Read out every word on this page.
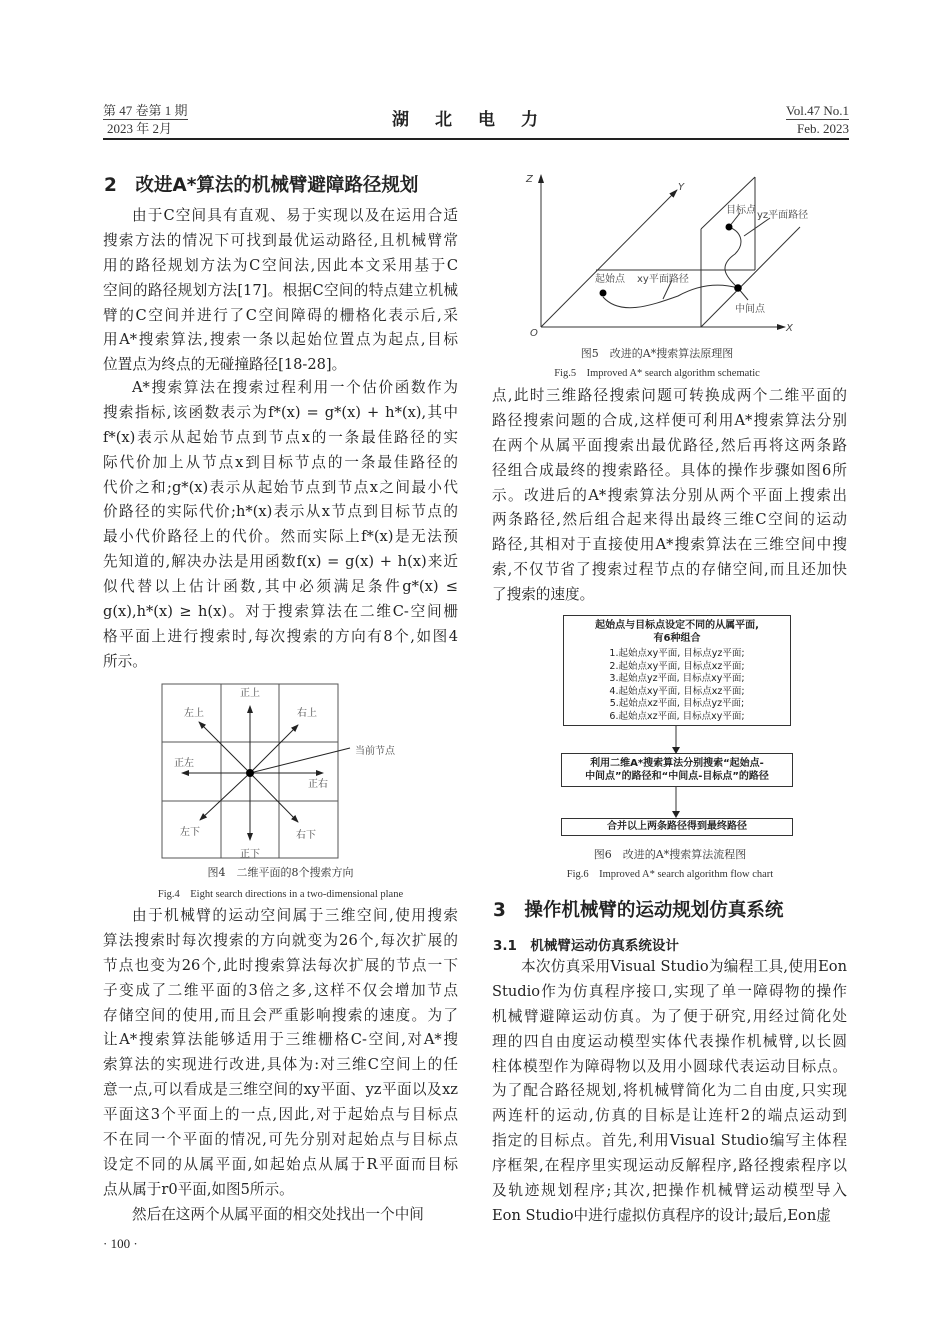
第 47 卷第 1 期
2023 年 2月	湖北电力	Vol.47 No.1
Feb. 2023
2　改进A*算法的机械臂避障路径规划
由于C空间具有直观、易于实现以及在运用合适
搜索方法的情况下可找到最优运动路径,且机械臂常
用的路径规划方法为C空间法,因此本文采用基于C
空间的路径规划方法[17]。根据C空间的特点建立机械
臂的C空间并进行了C空间障碍的栅格化表示后,采
用A*搜索算法,搜索一条以起始位置点为起点,目标
位置点为终点的无碰撞路径[18-28]。
A*搜索算法在搜索过程利用一个估价函数作为
搜索指标,该函数表示为f*(x) = g*(x) + h*(x),其中
f*(x)表示从起始节点到节点x的一条最佳路径的实
际代价加上从节点x到目标节点的一条最佳路径的
代价之和;g*(x)表示从起始节点到节点x之间最小代
价路径的实际代价;h*(x)表示从x节点到目标节点的
最小代价路径上的代价。然而实际上f*(x)是无法预
先知道的,解决办法是用函数f(x) = g(x) + h(x)来近
似代替以上估计函数,其中必须满足条件g*(x) ≤
g(x),h*(x) ≥ h(x)。对于搜索算法在二维C-空间栅
格平面上进行搜索时,每次搜索的方向有8个,如图4
所示。
正上
左上	右上
正左
正右
左下	右下
正下
当前节点
图4　二维平面的8个搜索方向
Fig.4　Eight search directions in a two-dimensional plane
由于机械臂的运动空间属于三维空间,使用搜索
算法搜索时每次搜索的方向就变为26个,每次扩展的
节点也变为26个,此时搜索算法每次扩展的节点一下
子变成了二维平面的3倍之多,这样不仅会增加节点
存储空间的使用,而且会严重影响搜索的速度。为了
让A*搜索算法能够适用于三维栅格C-空间,对A*搜
索算法的实现进行改进,具体为:对三维C空间上的任
意一点,可以看成是三维空间的xy平面、yz平面以及xz
平面这3个平面上的一点,因此,对于起始点与目标点
不在同一个平面的情况,可先分别对起始点与目标点
设定不同的从属平面,如起始点从属于R平面而目标
点从属于r0平面,如图5所示。
然后在这两个从属平面的相交处找出一个中间
· 100 ·
Z
Y
X
O
起始点 xy平面路径
中间点
目标点 yz平面路径
图5　改进的A*搜索算法原理图
Fig.5　Improved A* search algorithm schematic
点,此时三维路径搜索问题可转换成两个二维平面的
路径搜索问题的合成,这样便可利用A*搜索算法分别
在两个从属平面搜索出最优路径,然后再将这两条路
径组合成最终的搜索路径。具体的操作步骤如图6所
示。改进后的A*搜索算法分别从两个平面上搜索出
两条路径,然后组合起来得出最终三维C空间的运动
路径,其相对于直接使用A*搜索算法在三维空间中搜
索,不仅节省了搜索过程节点的存储空间,而且还加快
了搜索的速度。
起始点与目标点设定不同的从属平面,
有6种组合
1.起始点xy平面, 目标点yz平面;
2.起始点xy平面, 目标点xz平面;
3.起始点yz平面, 目标点xy平面;
4.起始点xy平面, 目标点xz平面;
5.起始点xz平面, 目标点yz平面;
6.起始点xz平面, 目标点xy平面;
利用二维A*搜索算法分别搜索“起始点-
中间点”的路径和“中间点-目标点”的路径
合并以上两条路径得到最终路径
图6　改进的A*搜索算法流程图
Fig.6　Improved A* search algorithm flow chart
3　操作机械臂的运动规划仿真系统
3.1　机械臂运动仿真系统设计
本次仿真采用Visual Studio为编程工具,使用Eon
Studio作为仿真程序接口,实现了单一障碍物的操作
机械臂避障运动仿真。为了便于研究,用经过简化处
理的四自由度运动模型实体代表操作机械臂,以长圆
柱体模型作为障碍物以及用小圆球代表运动目标点。
为了配合路径规划,将机械臂简化为二自由度,只实现
两连杆的运动,仿真的目标是让连杆2的端点运动到
指定的目标点。首先,利用Visual Studio编写主体程
序框架,在程序里实现运动反解程序,路径搜索程序以
及轨迹规划程序;其次,把操作机械臂运动模型导入
Eon Studio中进行虚拟仿真程序的设计;最后,Eon虚
